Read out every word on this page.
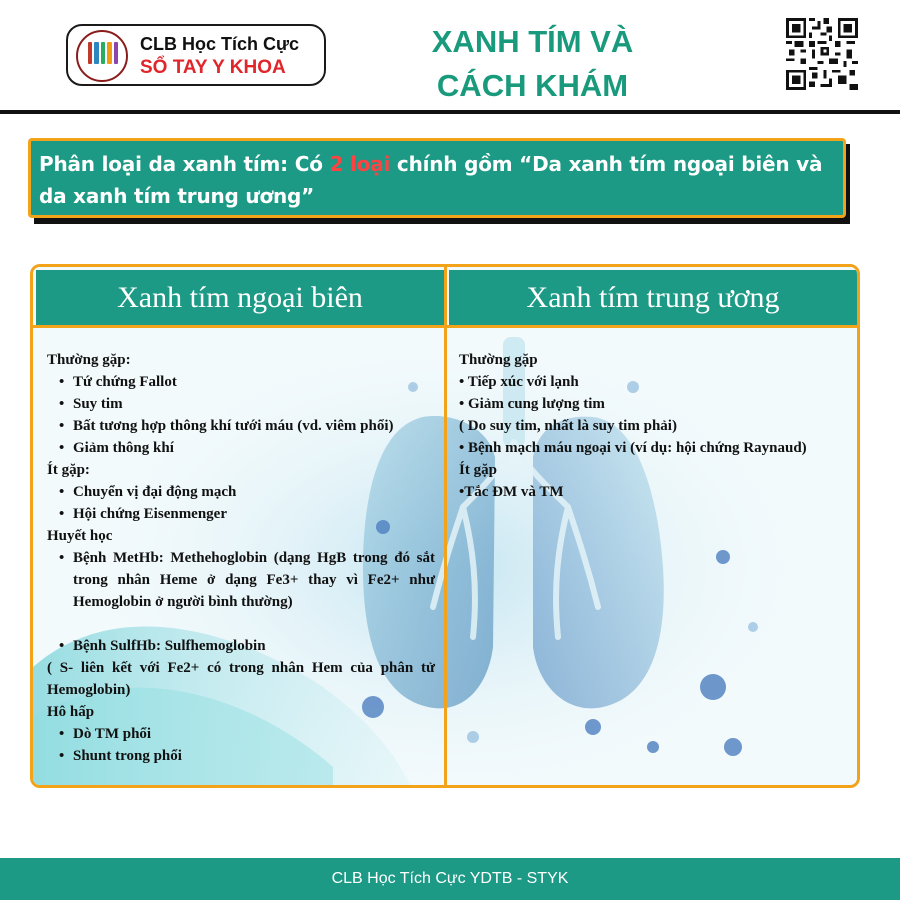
CLB Học Tích Cực
SỔ TAY Y KHOA
XANH TÍM VÀ
CÁCH KHÁM
Phân loại da xanh tím: Có 2 loại chính gồm “Da xanh tím ngoại biên và da xanh tím trung ương”
Xanh tím ngoại biên	Xanh tím trung ương
Thường gặp:
• Tứ chứng Fallot
• Suy tim
• Bất tương hợp thông khí tưới máu (vd. viêm phổi)
• Giảm thông khí
Ít gặp:
• Chuyển vị đại động mạch
• Hội chứng Eisenmenger
Huyết học
• Bệnh MetHb: Methehoglobin (dạng HgB trong đó sắt trong nhân Heme ở dạng Fe3+ thay vì Fe2+ như Hemoglobin ở người bình thường)
• Bệnh SulfHb: Sulfhemoglobin
( S- liên kết với Fe2+ có trong nhân Hem của phân tử Hemoglobin)
Hô hấp
• Dò TM phổi
• Shunt trong phổi
Thường gặp
• Tiếp xúc với lạnh
• Giảm cung lượng tim
( Do suy tim, nhất là suy tim phải)
• Bệnh mạch máu ngoại vi (ví dụ: hội chứng Raynaud)
Ít gặp
•Tắc ĐM và TM
CLB Học Tích Cực YDTB - STYK
